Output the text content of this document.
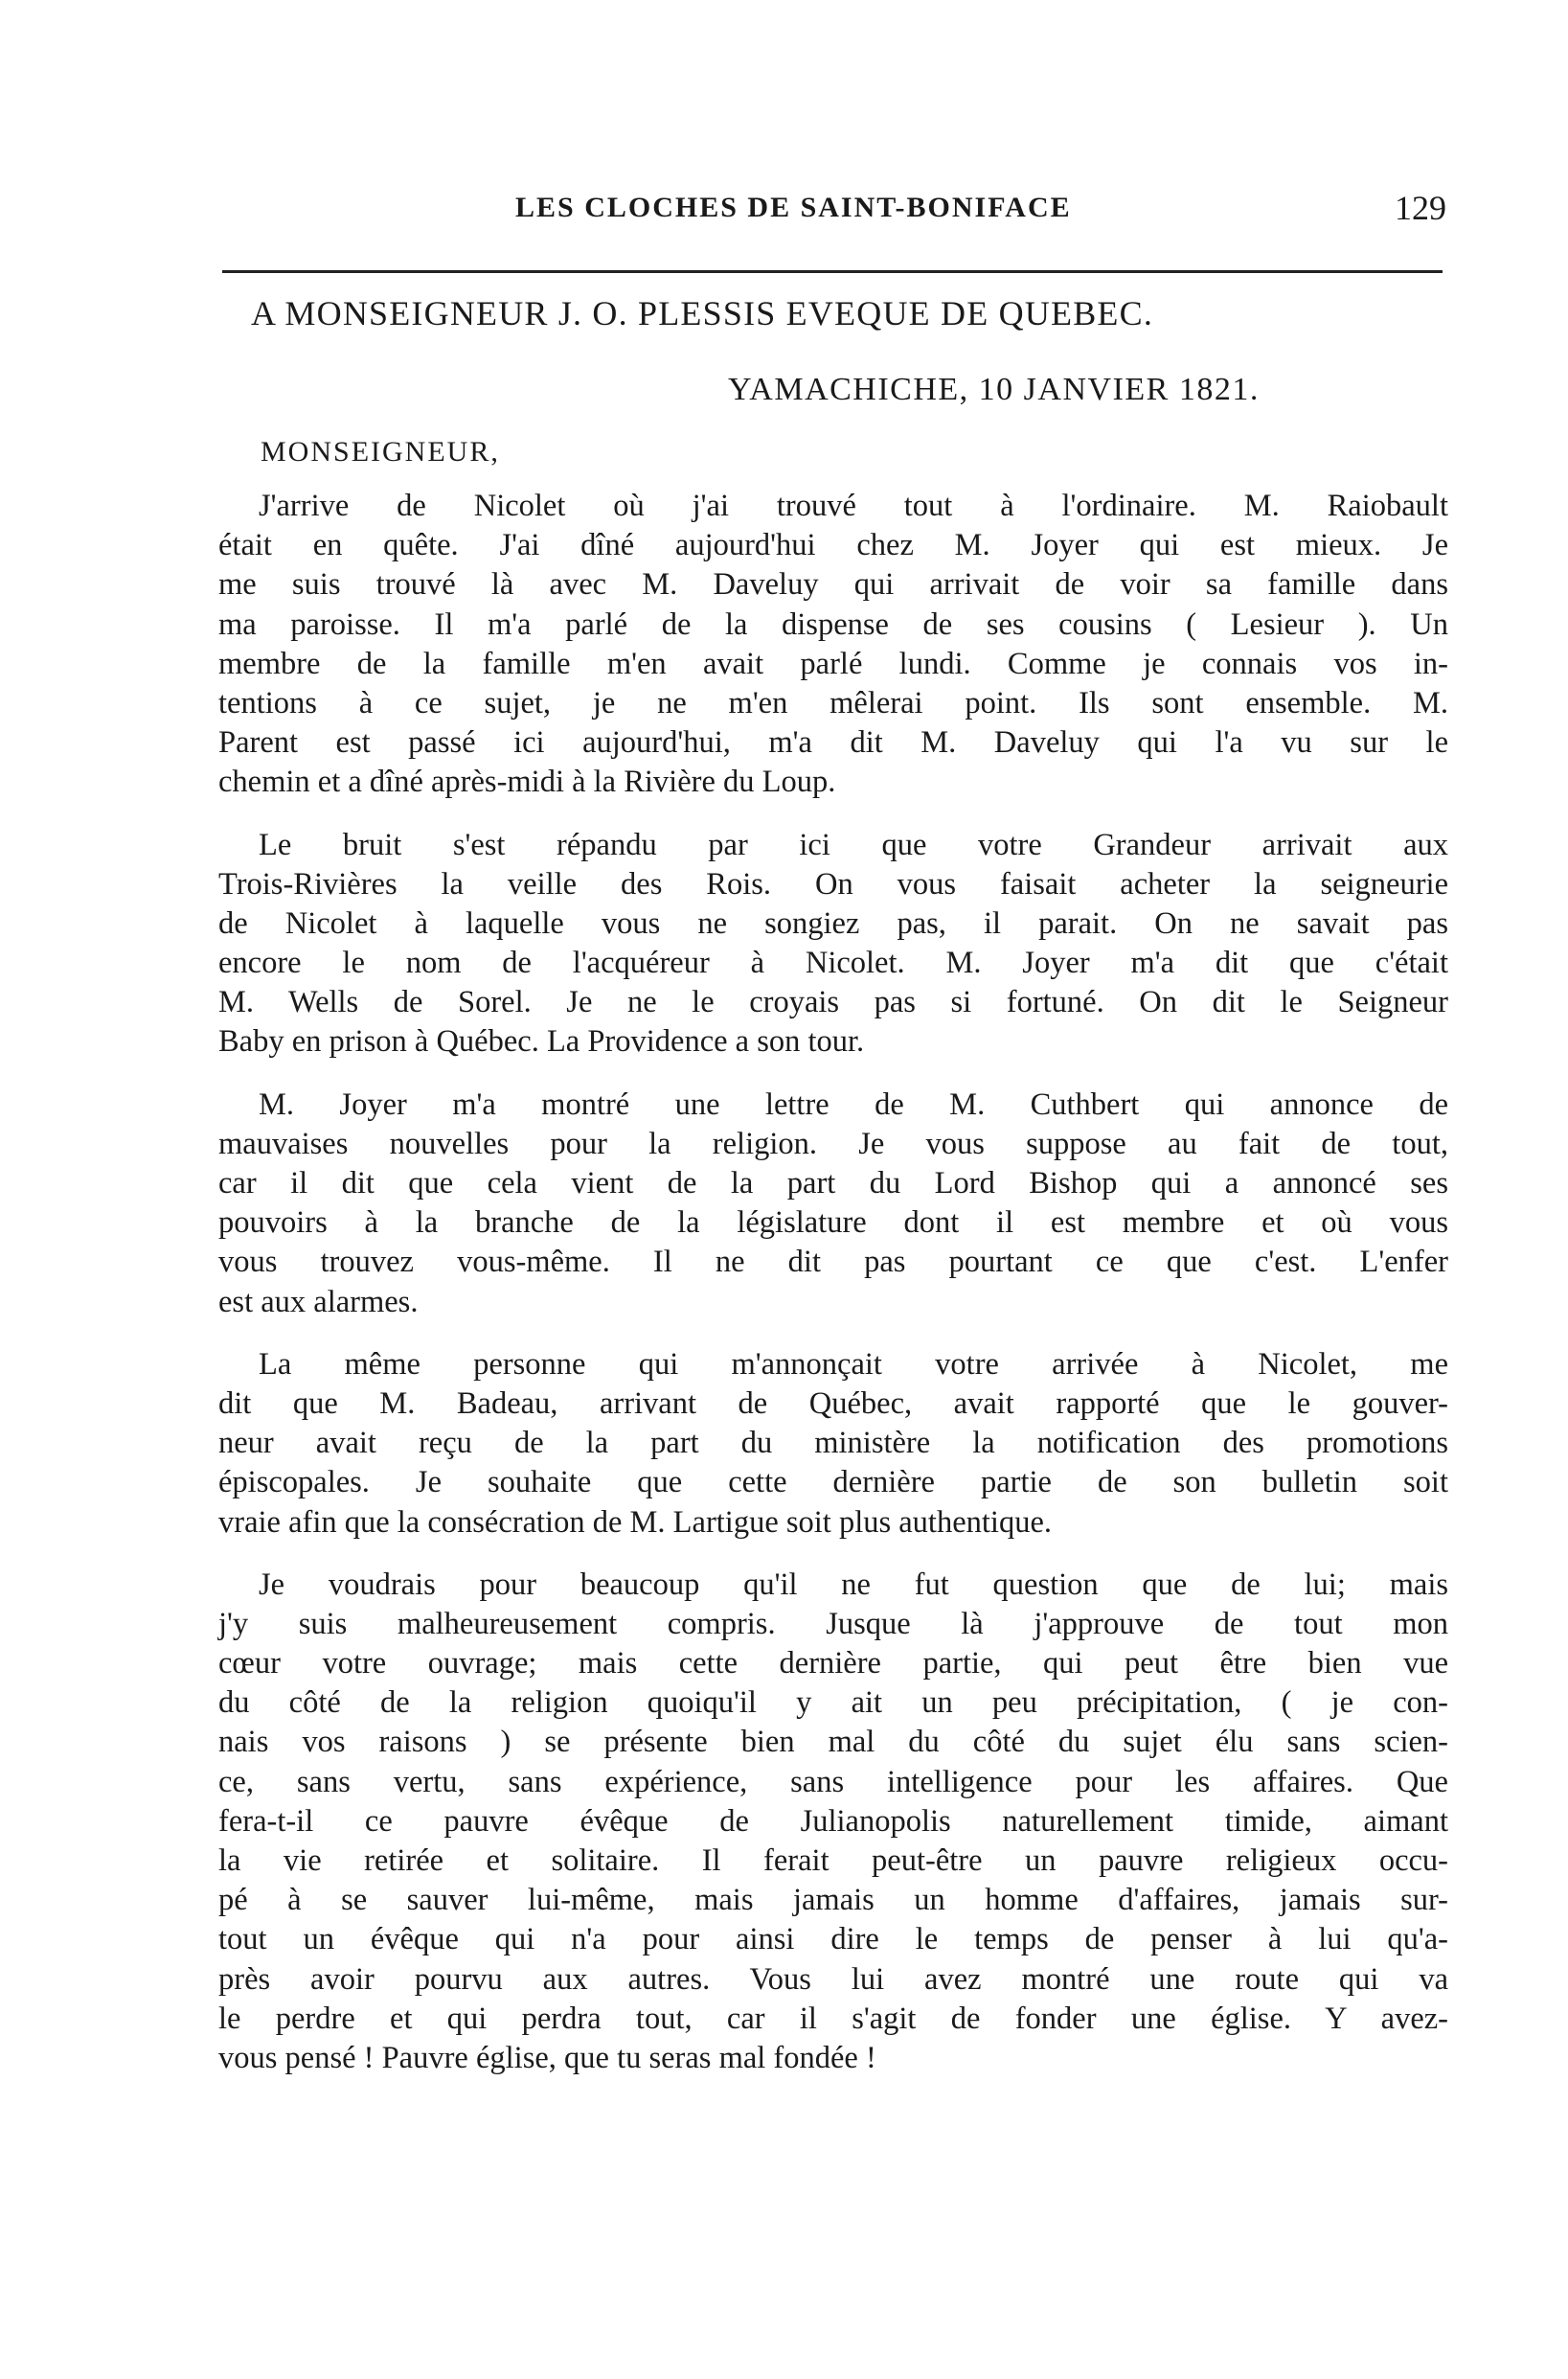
LES CLOCHES DE SAINT-BONIFACE	129
A MONSEIGNEUR J. O. PLESSIS EVEQUE DE QUEBEC.
YAMACHICHE, 10 JANVIER 1821.
MONSEIGNEUR,
J'arrive de Nicolet où j'ai trouvé tout à l'ordinaire. M. Raiobault
était en quête. J'ai dîné aujourd'hui chez M. Joyer qui est mieux. Je
me suis trouvé là avec M. Daveluy qui arrivait de voir sa famille dans
ma paroisse. Il m'a parlé de la dispense de ses cousins ( Lesieur ). Un
membre de la famille m'en avait parlé lundi. Comme je connais vos in-
tentions à ce sujet, je ne m'en mêlerai point. Ils sont ensemble. M.
Parent est passé ici aujourd'hui, m'a dit M. Daveluy qui l'a vu sur le
chemin et a dîné après-midi à la Rivière du Loup.
Le bruit s'est répandu par ici que votre Grandeur arrivait aux
Trois-Rivières la veille des Rois. On vous faisait acheter la seigneurie
de Nicolet à laquelle vous ne songiez pas, il parait. On ne savait pas
encore le nom de l'acquéreur à Nicolet. M. Joyer m'a dit que c'était
M. Wells de Sorel. Je ne le croyais pas si fortuné. On dit le Seigneur
Baby en prison à Québec. La Providence a son tour.
M. Joyer m'a montré une lettre de M. Cuthbert qui annonce de
mauvaises nouvelles pour la religion. Je vous suppose au fait de tout,
car il dit que cela vient de la part du Lord Bishop qui a annoncé ses
pouvoirs à la branche de la législature dont il est membre et où vous
vous trouvez vous-même. Il ne dit pas pourtant ce que c'est. L'enfer
est aux alarmes.
La même personne qui m'annonçait votre arrivée à Nicolet, me
dit que M. Badeau, arrivant de Québec, avait rapporté que le gouver-
neur avait reçu de la part du ministère la notification des promotions
épiscopales. Je souhaite que cette dernière partie de son bulletin soit
vraie afin que la consécration de M. Lartigue soit plus authentique.
Je voudrais pour beaucoup qu'il ne fut question que de lui; mais
j'y suis malheureusement compris. Jusque là j'approuve de tout mon
cœur votre ouvrage; mais cette dernière partie, qui peut être bien vue
du côté de la religion quoiqu'il y ait un peu précipitation, ( je con-
nais vos raisons ) se présente bien mal du côté du sujet élu sans scien-
ce, sans vertu, sans expérience, sans intelligence pour les affaires. Que
fera-t-il ce pauvre évêque de Julianopolis naturellement timide, aimant
la vie retirée et solitaire. Il ferait peut-être un pauvre religieux occu-
pé à se sauver lui-même, mais jamais un homme d'affaires, jamais sur-
tout un évêque qui n'a pour ainsi dire le temps de penser à lui qu'a-
près avoir pourvu aux autres. Vous lui avez montré une route qui va
le perdre et qui perdra tout, car il s'agit de fonder une église. Y avez-
vous pensé ! Pauvre église, que tu seras mal fondée !
